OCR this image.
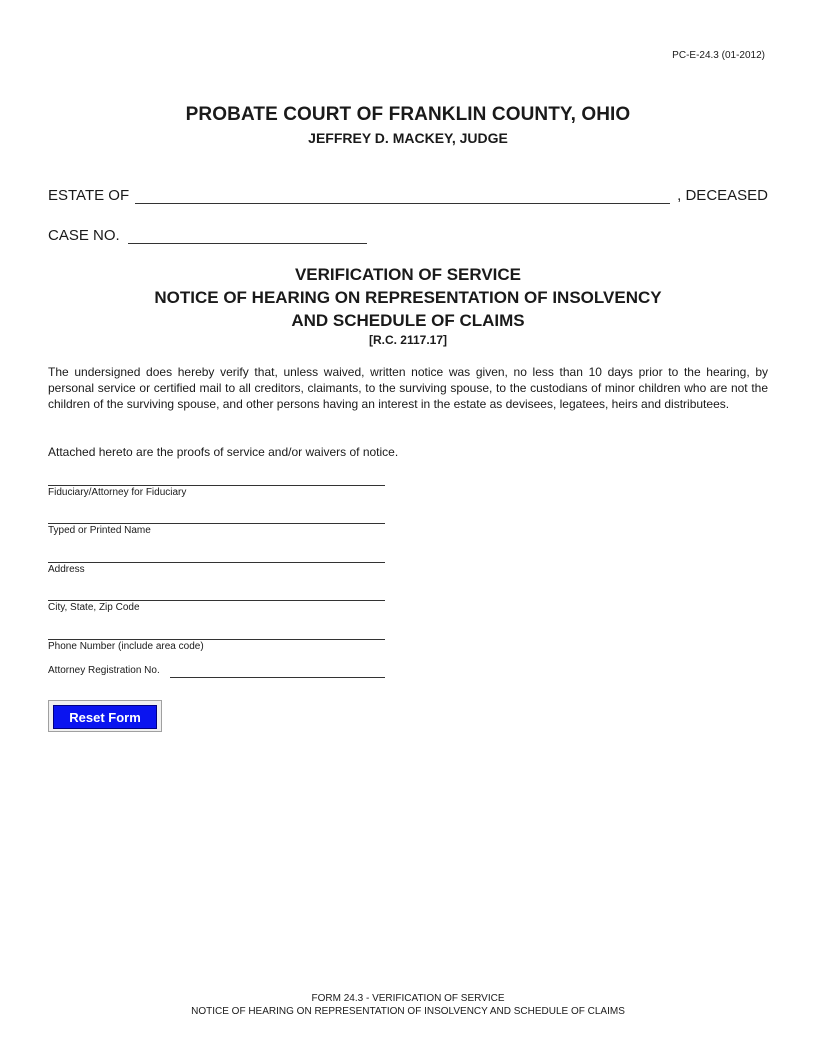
PC-E-24.3 (01-2012)
PROBATE COURT OF FRANKLIN COUNTY, OHIO
JEFFREY D. MACKEY, JUDGE
ESTATE OF	, DECEASED
CASE NO.
VERIFICATION OF SERVICE
NOTICE OF HEARING ON REPRESENTATION OF INSOLVENCY
AND SCHEDULE OF CLAIMS
[R.C. 2117.17]
The undersigned does hereby verify that, unless waived, written notice was given, no less than 10 days prior to the hearing, by personal service or certified mail to all creditors, claimants, to the surviving spouse, to the custodians of minor children who are not the children of the surviving spouse, and other persons having an interest in the estate as devisees, legatees, heirs and distributees.
Attached hereto are the proofs of service and/or waivers of notice.
Fiduciary/Attorney for Fiduciary
Typed or Printed Name
Address
City, State, Zip Code
Phone Number (include area code)
Attorney Registration No.
Reset Form
FORM 24.3 - VERIFICATION OF SERVICE
NOTICE OF HEARING ON REPRESENTATION OF INSOLVENCY AND SCHEDULE OF CLAIMS
